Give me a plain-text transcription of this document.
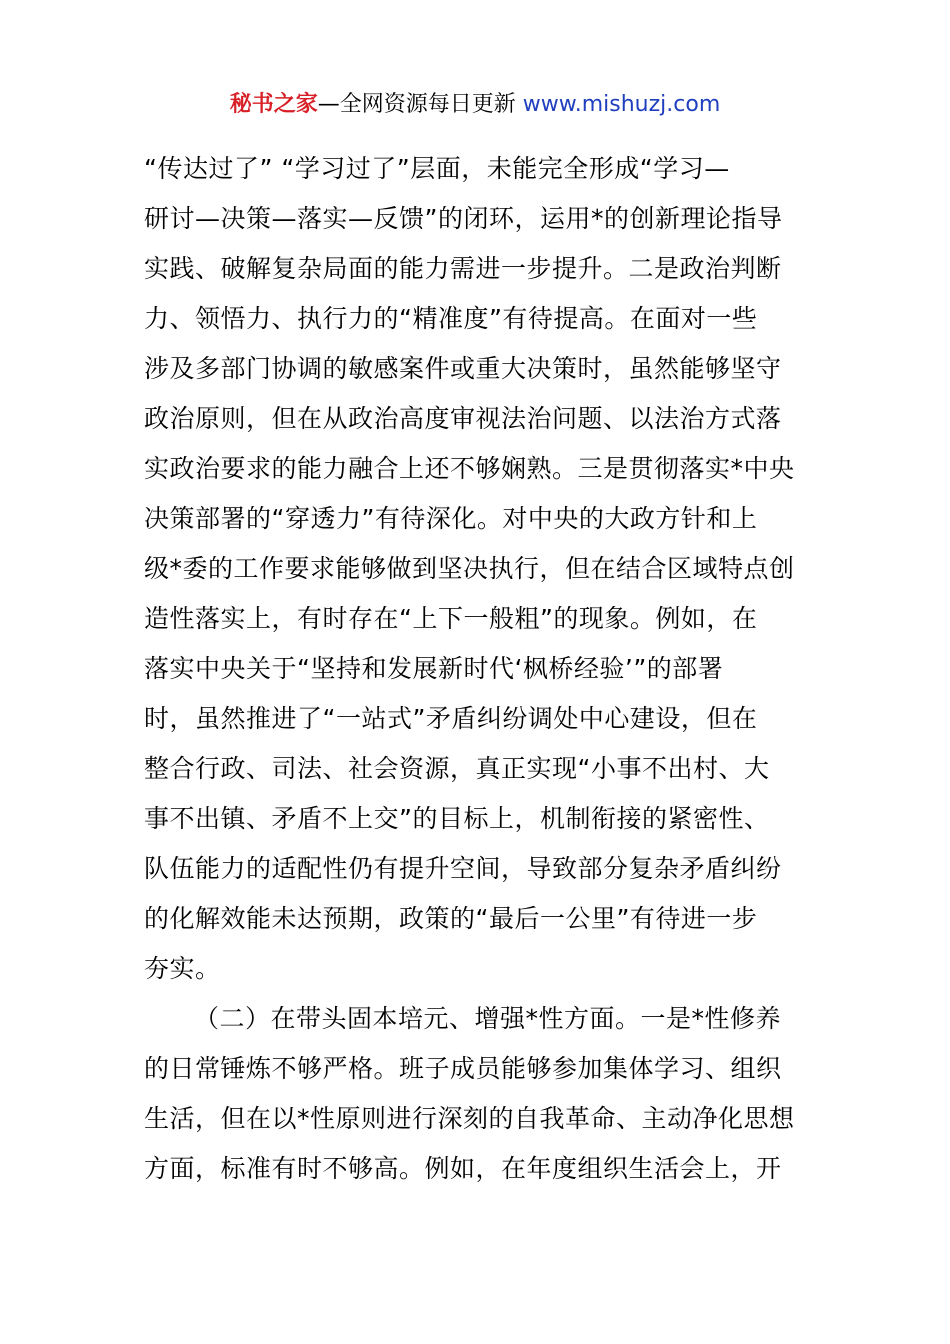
秘书之家—全网资源每日更新 www.mishuzj.com
“传达过了” “学习过了”层面，未能完全形成“学习—
研讨—决策—落实—反馈”的闭环，运用*的创新理论指导
实践、破解复杂局面的能力需进一步提升。二是政治判断
力、领悟力、执行力的“精准度”有待提高。在面对一些
涉及多部门协调的敏感案件或重大决策时，虽然能够坚守
政治原则，但在从政治高度审视法治问题、以法治方式落
实政治要求的能力融合上还不够娴熟。三是贯彻落实*中央
决策部署的“穿透力”有待深化。对中央的大政方针和上
级*委的工作要求能够做到坚决执行，但在结合区域特点创
造性落实上，有时存在“上下一般粗”的现象。例如，在
落实中央关于“坚持和发展新时代‘枫桥经验’”的部署
时，虽然推进了“一站式”矛盾纠纷调处中心建设，但在
整合行政、司法、社会资源，真正实现“小事不出村、大
事不出镇、矛盾不上交”的目标上，机制衔接的紧密性、
队伍能力的适配性仍有提升空间，导致部分复杂矛盾纠纷
的化解效能未达预期，政策的“最后一公里”有待进一步
夯实。
（二）在带头固本培元、增强*性方面。一是*性修养
的日常锤炼不够严格。班子成员能够参加集体学习、组织
生活，但在以*性原则进行深刻的自我革命、主动净化思想
方面，标准有时不够高。例如，在年度组织生活会上，开
